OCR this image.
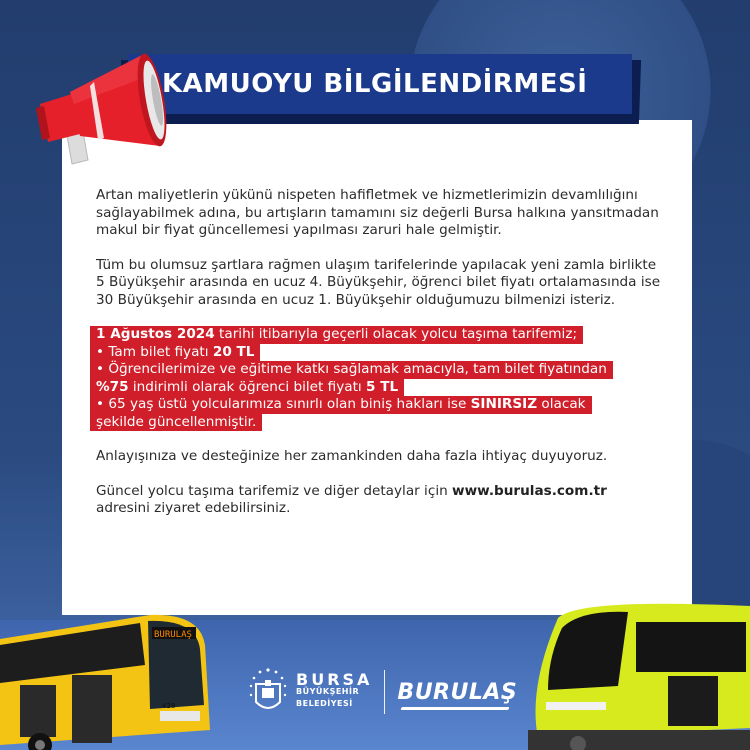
KAMUOYU BİLGİLENDİRMESİ

Artan maliyetlerin yükünü nispeten hafifletmek ve hizmetlerimizin devamlılığını sağlayabilmek adına, bu artışların tamamını siz değerli Bursa halkına yansıtmadan makul bir fiyat güncellemesi yapılması zaruri hale gelmiştir.

Tüm bu olumsuz şartlara rağmen ulaşım tarifelerinde yapılacak yeni zamla birlikte 5 Büyükşehir arasında en ucuz 4. Büyükşehir, öğrenci bilet fiyatı ortalamasında ise 30 Büyükşehir arasında en ucuz 1. Büyükşehir olduğumuzu bilmenizi isteriz.

1 Ağustos 2024 tarihi itibarıyla geçerli olacak yolcu taşıma tarifemiz;
• Tam bilet fiyatı 20 TL
• Öğrencilerimize ve eğitime katkı sağlamak amacıyla, tam bilet fiyatından
%75 indirimli olarak öğrenci bilet fiyatı 5 TL
• 65 yaş üstü yolcularımıza sınırlı olan biniş hakları ise SINIRSIZ olacak
şekilde güncellenmiştir.

Anlayışınıza ve desteğinize her zamankinden daha fazla ihtiyaç duyuyoruz.

Güncel yolcu taşıma tarifemiz ve diğer detaylar için www.burulas.com.tr
adresini ziyaret edebilirsiniz.

BURULAŞ
428
BURSA
BÜYÜKŞEHİR
BELEDİYESİ	BURULAŞ
